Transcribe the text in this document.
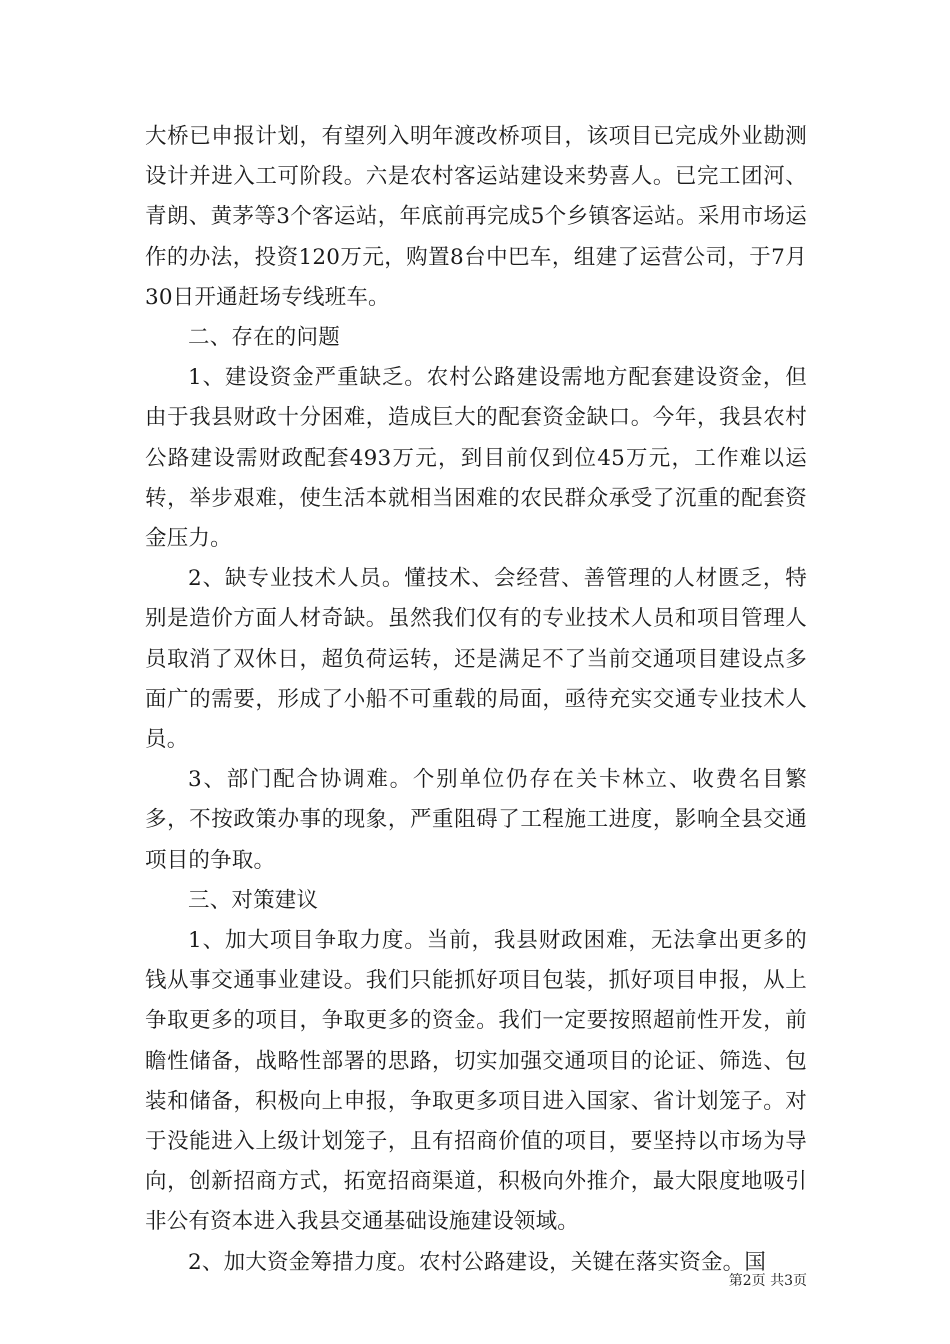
大桥已申报计划，有望列入明年渡改桥项目，该项目已完成外业勘测设计并进入工可阶段。六是农村客运站建设来势喜人。已完工团河、青朗、黄茅等3个客运站，年底前再完成5个乡镇客运站。采用市场运作的办法，投资120万元，购置8台中巴车，组建了运营公司，于7月30日开通赶场专线班车。

二、存在的问题

1、建设资金严重缺乏。农村公路建设需地方配套建设资金，但由于我县财政十分困难，造成巨大的配套资金缺口。今年，我县农村公路建设需财政配套493万元，到目前仅到位45万元，工作难以运转，举步艰难，使生活本就相当困难的农民群众承受了沉重的配套资金压力。

2、缺专业技术人员。懂技术、会经营、善管理的人材匮乏，特别是造价方面人材奇缺。虽然我们仅有的专业技术人员和项目管理人员取消了双休日，超负荷运转，还是满足不了当前交通项目建设点多面广的需要，形成了小船不可重载的局面，亟待充实交通专业技术人员。

3、部门配合协调难。个别单位仍存在关卡林立、收费名目繁多，不按政策办事的现象，严重阻碍了工程施工进度，影响全县交通项目的争取。

三、对策建议

1、加大项目争取力度。当前，我县财政困难，无法拿出更多的钱从事交通事业建设。我们只能抓好项目包装，抓好项目申报，从上争取更多的项目，争取更多的资金。我们一定要按照超前性开发，前瞻性储备，战略性部署的思路，切实加强交通项目的论证、筛选、包装和储备，积极向上申报，争取更多项目进入国家、省计划笼子。对于没能进入上级计划笼子，且有招商价值的项目，要坚持以市场为导向，创新招商方式，拓宽招商渠道，积极向外推介，最大限度地吸引非公有资本进入我县交通基础设施建设领域。

2、加大资金筹措力度。农村公路建设，关键在落实资金。国

第2页 共3页
